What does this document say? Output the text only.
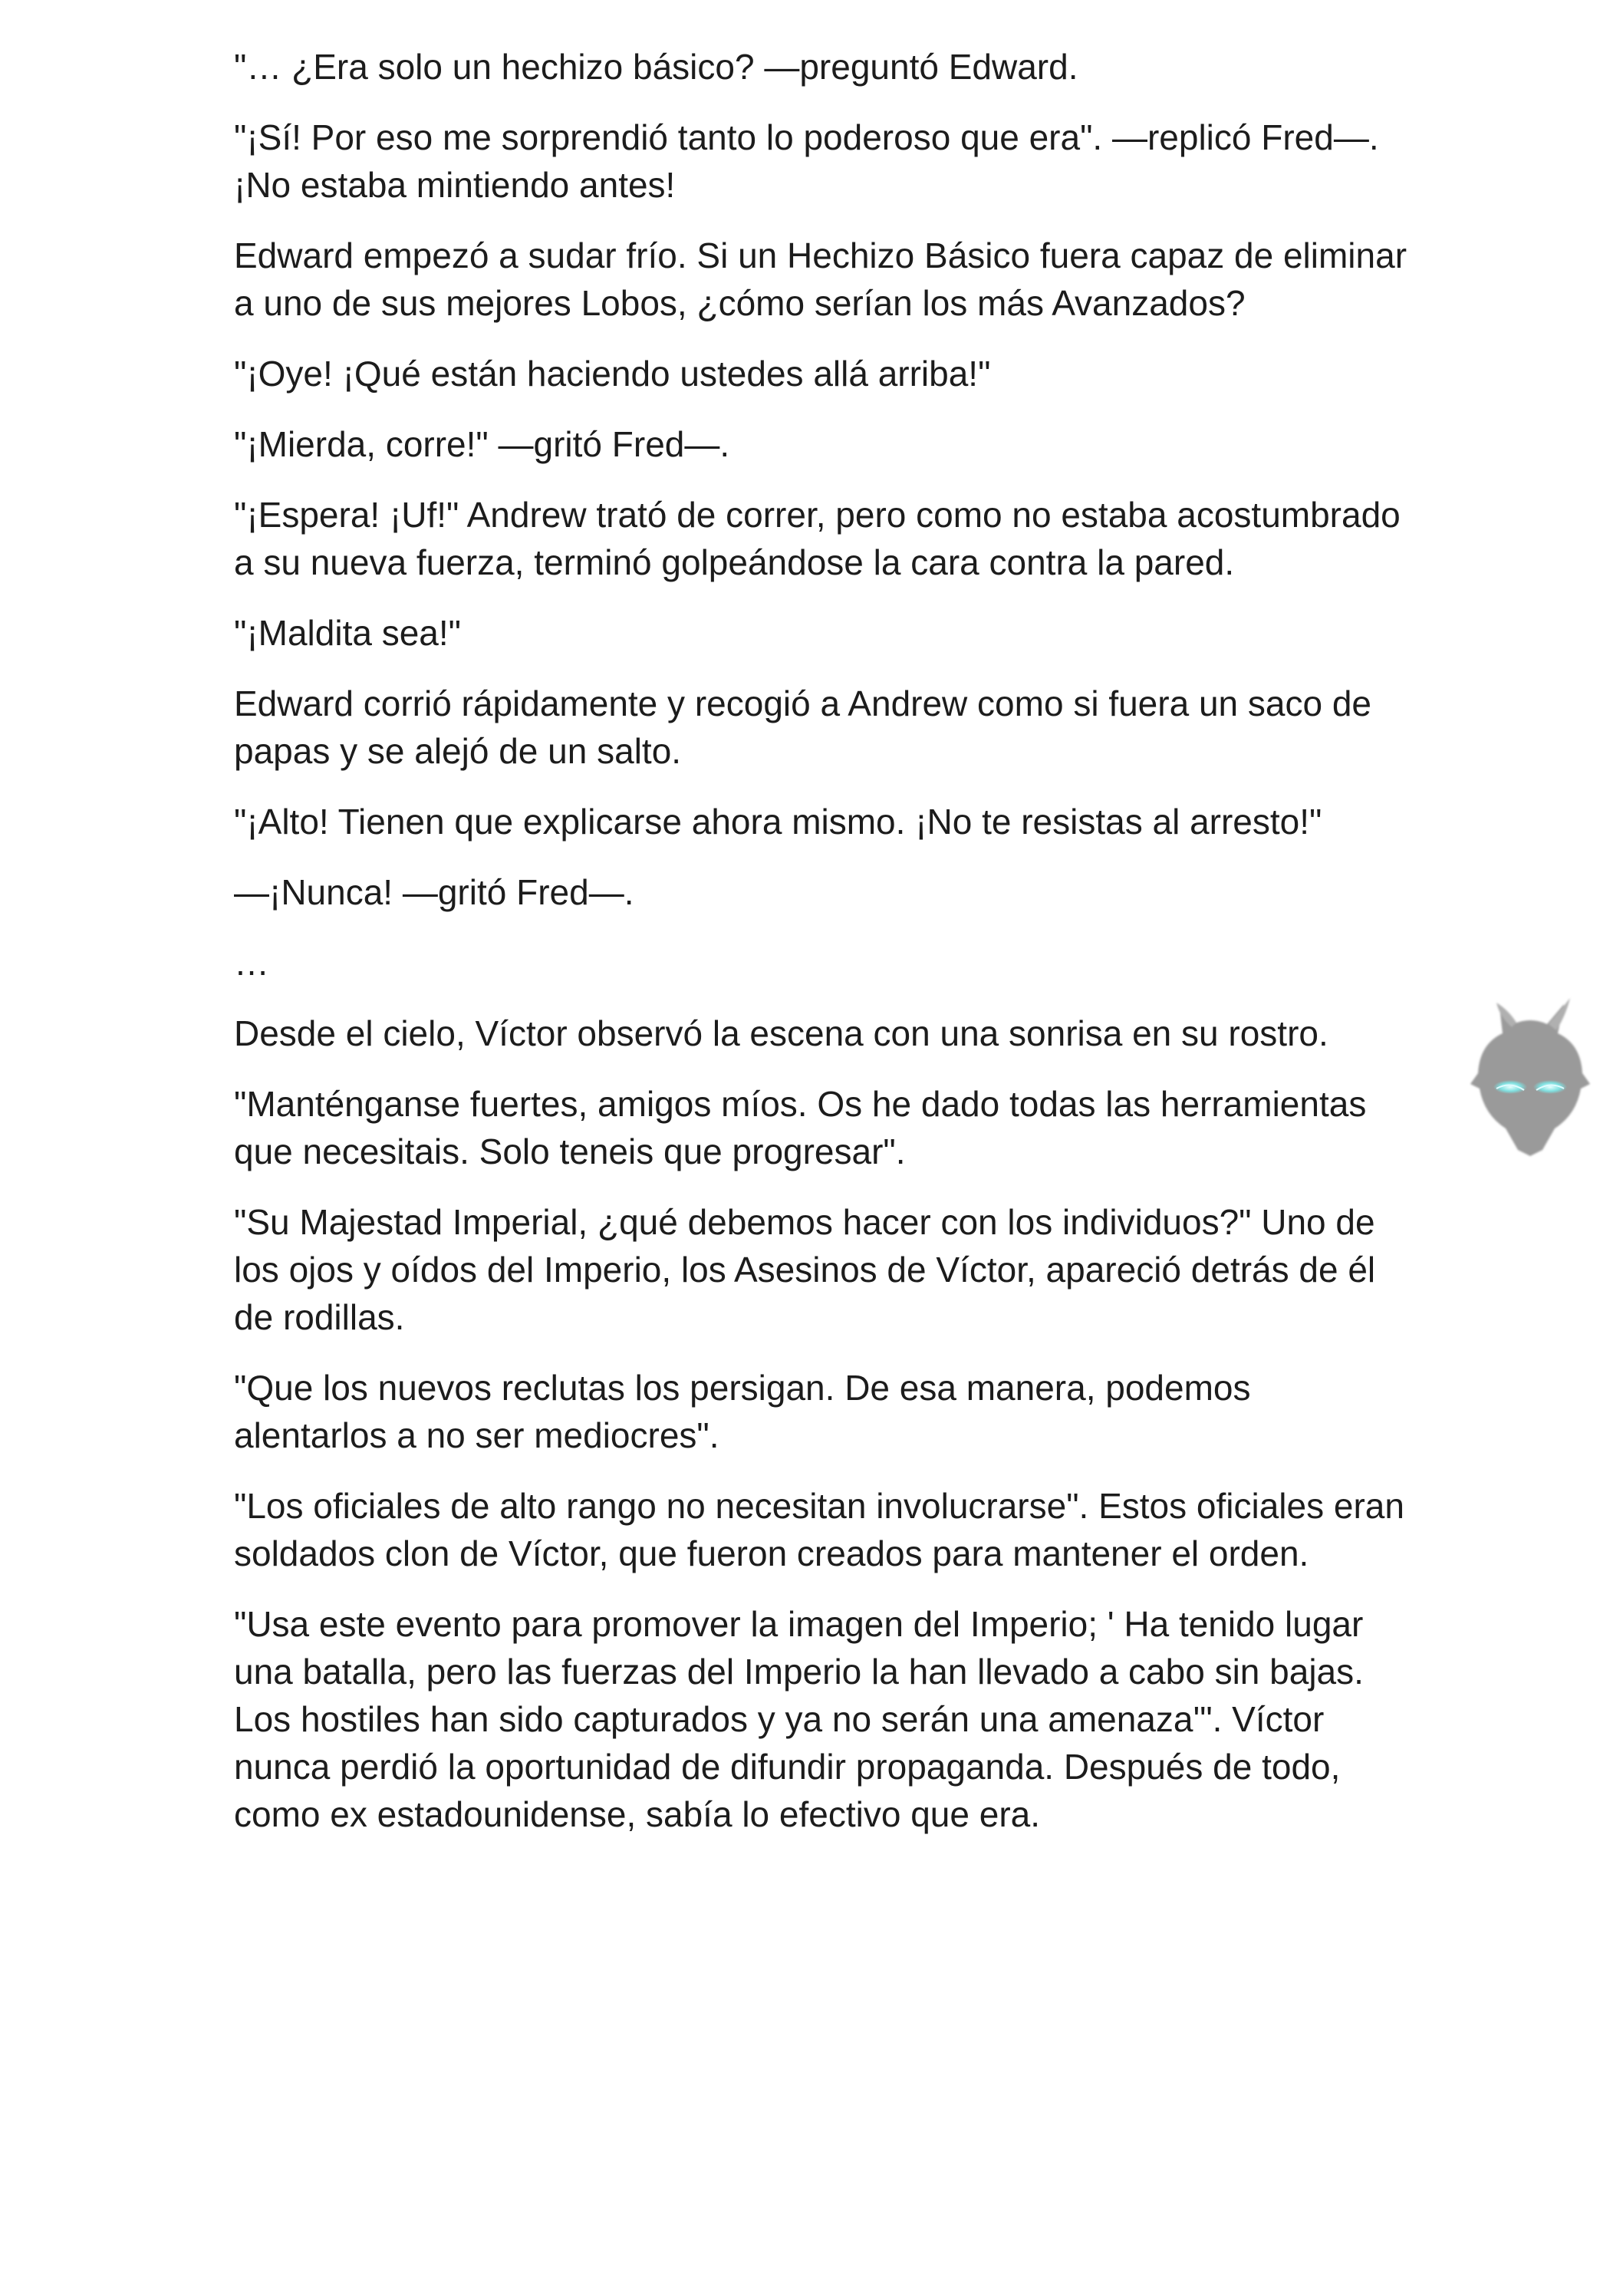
"… ¿Era solo un hechizo básico? —preguntó Edward.

"¡Sí! Por eso me sorprendió tanto lo poderoso que era". —replicó Fred—. ¡No estaba mintiendo antes!

Edward empezó a sudar frío. Si un Hechizo Básico fuera capaz de eliminar a uno de sus mejores Lobos, ¿cómo serían los más Avanzados?

"¡Oye! ¡Qué están haciendo ustedes allá arriba!"

"¡Mierda, corre!" —gritó Fred—.

"¡Espera! ¡Uf!" Andrew trató de correr, pero como no estaba acostumbrado a su nueva fuerza, terminó golpeándose la cara contra la pared.

"¡Maldita sea!"

Edward corrió rápidamente y recogió a Andrew como si fuera un saco de papas y se alejó de un salto.

"¡Alto! Tienen que explicarse ahora mismo. ¡No te resistas al arresto!"

—¡Nunca! —gritó Fred—.

…

Desde el cielo, Víctor observó la escena con una sonrisa en su rostro.

"Manténganse fuertes, amigos míos. Os he dado todas las herramientas que necesitais. Solo teneis que progresar".

"Su Majestad Imperial, ¿qué debemos hacer con los individuos?" Uno de los ojos y oídos del Imperio, los Asesinos de Víctor, apareció detrás de él de rodillas.

"Que los nuevos reclutas los persigan. De esa manera, podemos alentarlos a no ser mediocres".

"Los oficiales de alto rango no necesitan involucrarse". Estos oficiales eran soldados clon de Víctor, que fueron creados para mantener el orden.

"Usa este evento para promover la imagen del Imperio; ' Ha tenido lugar una batalla, pero las fuerzas del Imperio la han llevado a cabo sin bajas. Los hostiles han sido capturados y ya no serán una amenaza'". Víctor nunca perdió la oportunidad de difundir propaganda. Después de todo, como ex estadounidense, sabía lo efectivo que era.
